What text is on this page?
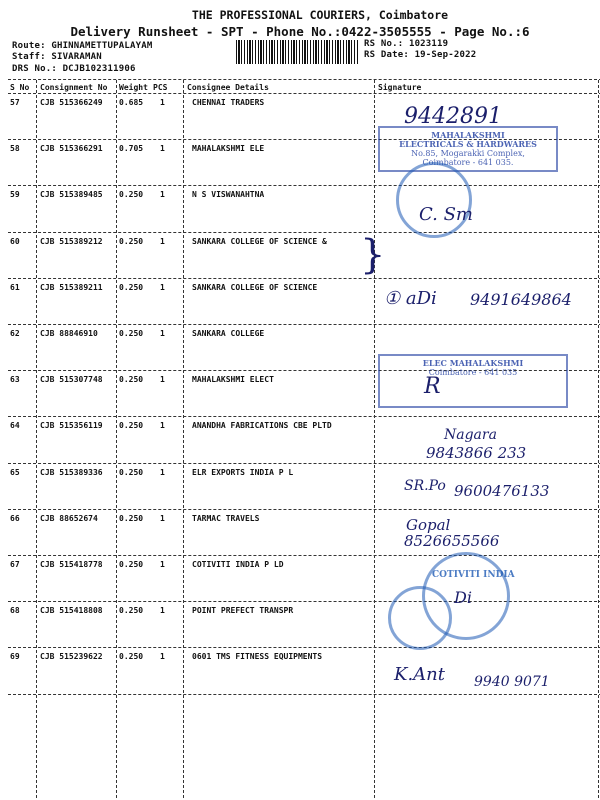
THE PROFESSIONAL COURIERS, Coimbatore
Delivery Runsheet - SPT - Phone No.:0422-3505555 - Page No.:6
Route: GHINNAMETTUPALAYAM
Staff: SIVARAMAN
DRS No.: DCJB102311906
RS No.: 1023119
RS Date: 19-Sep-2022
S No Consignment No Weight PCS Consignee Details	Signature
57	CJB 515366249 0.685 1	CHENNAI TRADERS
58	CJB 515366291 0.705 1	MAHALAKSHMI ELE
59	CJB 515389485 0.250 1	N S VISWANAHTNA
60	CJB 515389212 0.250 1	SANKARA COLLEGE OF SCIENCE &
61	CJB 515389211 0.250 1	SANKARA COLLEGE OF SCIENCE
62	CJB 88846910	0.250 1	SANKARA COLLEGE
63	CJB 515307748 0.250 1	MAHALAKSHMI ELECT
64	CJB 515356119 0.250 1	ANANDHA FABRICATIONS CBE PLTD
65	CJB 515389336 0.250 1	ELR EXPORTS INDIA P L
66	CJB 88652674	0.250 1	TARMAC TRAVELS
67	CJB 515418778 0.250 1	COTIVITI INDIA P LD
68	CJB 515418808 0.250 1	POINT PREFECT TRANSPR
69	CJB 515239622 0.250 1	0601 TMS FITNESS EQUIPMENTS
9442891
MAHALAKSHMI
ELECTRICALS & HARDWARES
No.85, Mogarakki Complex,
Coimbatore - 641 035.
C. Sm
}
① aDi 9491649864
ELEC MAHALAKSHMI
Coimbatore - 641 035
R
Nagara
9843866 233
SR.Po 9600476133
Gopal
8526655566
COTIVITI INDIA
Di
K.Ant 9940 9071
